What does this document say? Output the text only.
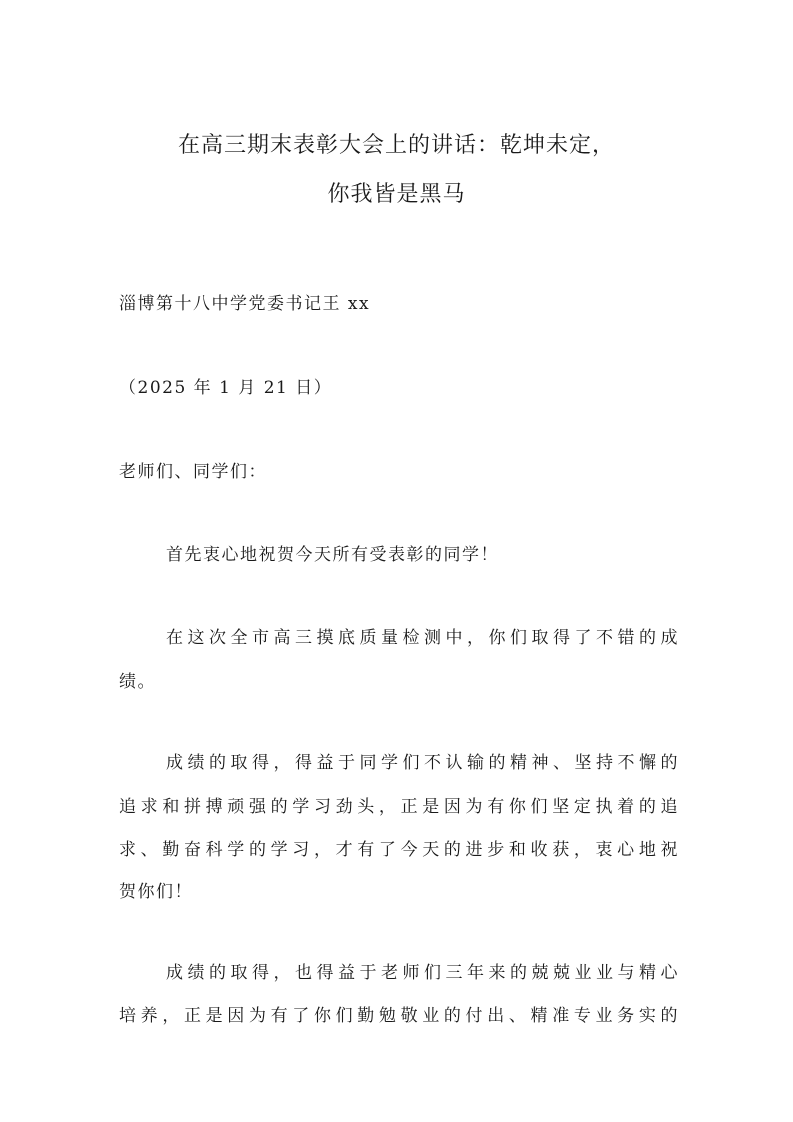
在高三期末表彰大会上的讲话：乾坤未定，
你我皆是黑马
淄博第十八中学党委书记王 xx
（2025 年 1 月 21 日）
老师们、同学们：
首先衷心地祝贺今天所有受表彰的同学！
在这次全市高三摸底质量检测中，你们取得了不错的成
绩。
成绩的取得，得益于同学们不认输的精神、坚持不懈的
追求和拼搏顽强的学习劲头，正是因为有你们坚定执着的追
求、勤奋科学的学习，才有了今天的进步和收获，衷心地祝
贺你们！
成绩的取得，也得益于老师们三年来的兢兢业业与精心
培养，正是因为有了你们勤勉敬业的付出、精准专业务实的
